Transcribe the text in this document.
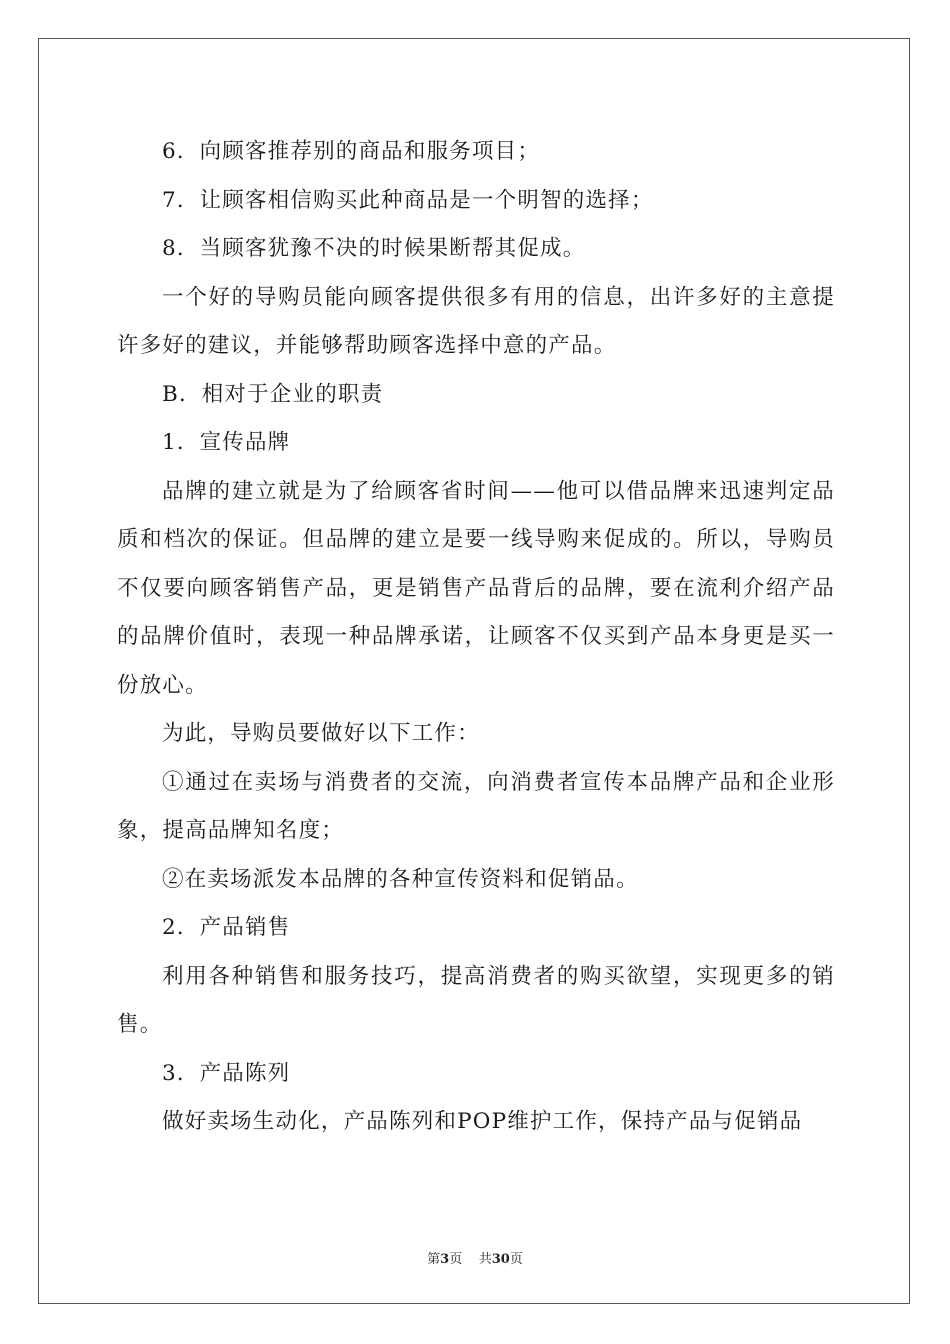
6．向顾客推荐别的商品和服务项目；

7．让顾客相信购买此种商品是一个明智的选择；

8．当顾客犹豫不决的时候果断帮其促成。

一个好的导购员能向顾客提供很多有用的信息，出许多好的主意提许多好的建议，并能够帮助顾客选择中意的产品。

B．相对于企业的职责

1．宣传品牌

品牌的建立就是为了给顾客省时间——他可以借品牌来迅速判定品质和档次的保证。但品牌的建立是要一线导购来促成的。所以，导购员不仅要向顾客销售产品，更是销售产品背后的品牌，要在流利介绍产品的品牌价值时，表现一种品牌承诺，让顾客不仅买到产品本身更是买一份放心。

为此，导购员要做好以下工作：

①通过在卖场与消费者的交流，向消费者宣传本品牌产品和企业形象，提高品牌知名度；

②在卖场派发本品牌的各种宣传资料和促销品。

2．产品销售

利用各种销售和服务技巧，提高消费者的购买欲望，实现更多的销售。

3．产品陈列

做好卖场生动化，产品陈列和POP维护工作，保持产品与促销品

第3页 共30页
